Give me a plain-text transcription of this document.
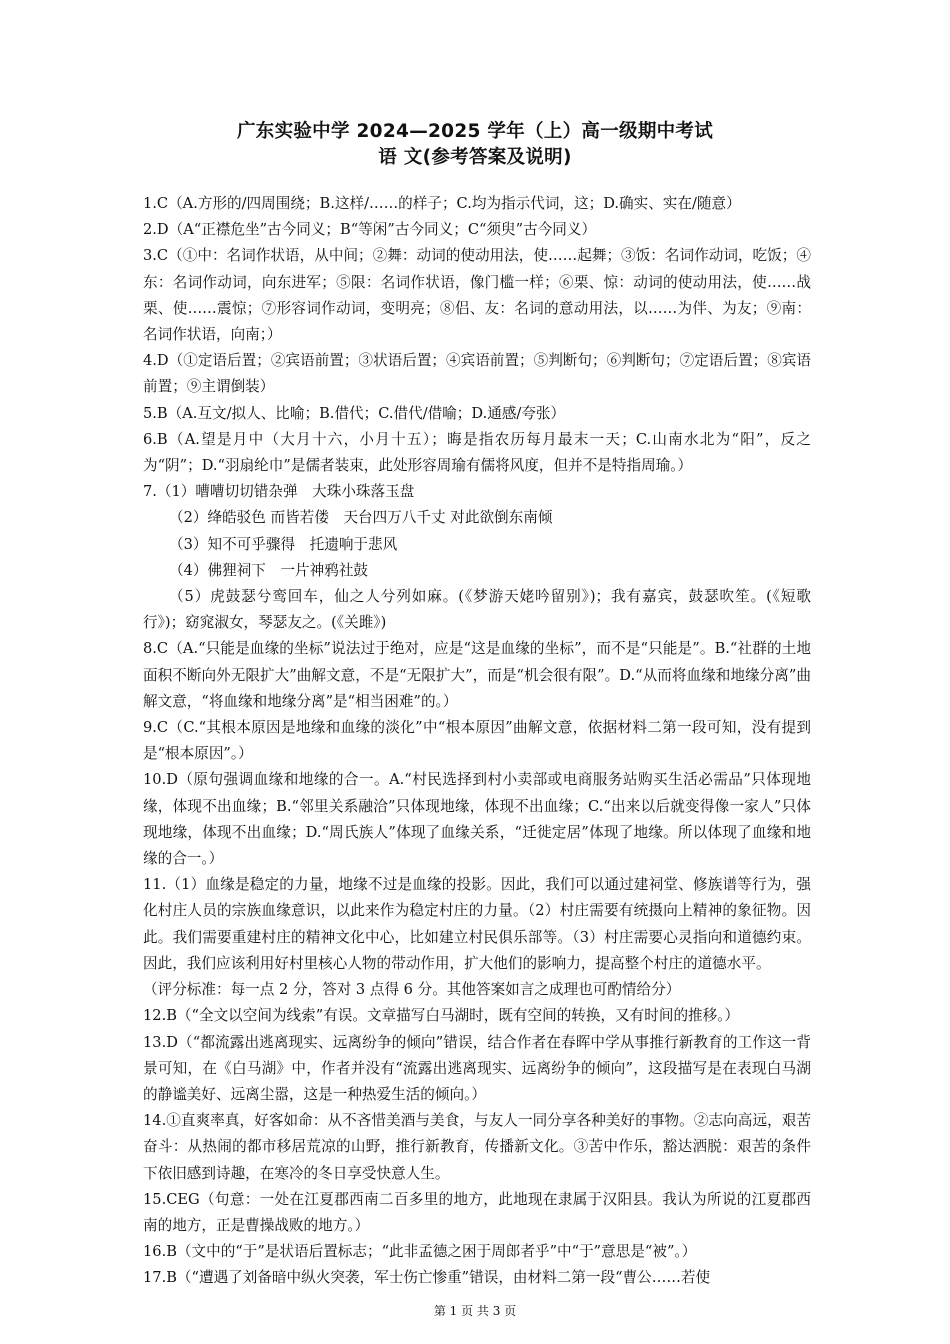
广东实验中学 2024—2025 学年（上）高一级期中考试
语 文(参考答案及说明)

1.C（A.方形的/四周围绕；B.这样/……的样子；C.均为指示代词，这；D.确实、实在/随意）

2.D（A“正襟危坐”古今同义；B“等闲”古今同义；C“须臾”古今同义）

3.C（①中：名词作状语，从中间；②舞：动词的使动用法，使……起舞；③饭：名词作动词，吃饭；④东：名词作动词，向东进军；⑤限：名词作状语，像门槛一样；⑥栗、惊：动词的使动用法，使……战栗、使……震惊；⑦形容词作动词，变明亮；⑧侣、友：名词的意动用法，以……为伴、为友；⑨南：名词作状语，向南；）

4.D（①定语后置；②宾语前置；③状语后置；④宾语前置；⑤判断句；⑥判断句；⑦定语后置；⑧宾语前置；⑨主谓倒装）

5.B（A.互文/拟人、比喻；B.借代；C.借代/借喻；D.通感/夸张）

6.B（A.望是月中（大月十六，小月十五）；晦是指农历每月最末一天；C.山南水北为“阳”，反之为“阴”；D.“羽扇纶巾”是儒者装束，此处形容周瑜有儒将风度，但并不是特指周瑜。）

7.（1）嘈嘈切切错杂弹　大珠小珠落玉盘

（2）绛皓驳色 而皆若偻　天台四万八千丈 对此欲倒东南倾

（3）知不可乎骤得　托遗响于悲风

（4）佛狸祠下　一片神鸦社鼓

（5）虎鼓瑟兮鸾回车，仙之人兮列如麻。(《梦游天姥吟留别》)；我有嘉宾，鼓瑟吹笙。(《短歌行》)；窈窕淑女，琴瑟友之。(《关雎》)

8.C（A.“只能是血缘的坐标”说法过于绝对，应是“这是血缘的坐标”，而不是“只能是”。B.“社群的土地面积不断向外无限扩大”曲解文意，不是“无限扩大”，而是“机会很有限”。D.“从而将血缘和地缘分离”曲解文意，“将血缘和地缘分离”是“相当困难”的。）

9.C（C.“其根本原因是地缘和血缘的淡化”中“根本原因”曲解文意，依据材料二第一段可知，没有提到是“根本原因”。）

10.D（原句强调血缘和地缘的合一。A.“村民选择到村小卖部或电商服务站购买生活必需品”只体现地缘，体现不出血缘；B.“邻里关系融洽”只体现地缘，体现不出血缘；C.“出来以后就变得像一家人”只体现地缘，体现不出血缘；D.“周氏族人”体现了血缘关系，“迁徙定居”体现了地缘。所以体现了血缘和地缘的合一。）

11.（1）血缘是稳定的力量，地缘不过是血缘的投影。因此，我们可以通过建祠堂、修族谱等行为，强化村庄人员的宗族血缘意识，以此来作为稳定村庄的力量。（2）村庄需要有统摄向上精神的象征物。因此。我们需要重建村庄的精神文化中心，比如建立村民俱乐部等。（3）村庄需要心灵指向和道德约束。因此，我们应该利用好村里核心人物的带动作用，扩大他们的影响力，提高整个村庄的道德水平。

（评分标准：每一点 2 分，答对 3 点得 6 分。其他答案如言之成理也可酌情给分）

12.B（“全文以空间为线索”有误。文章描写白马湖时，既有空间的转换，又有时间的推移。）

13.D（“都流露出逃离现实、远离纷争的倾向”错误，结合作者在春晖中学从事推行新教育的工作这一背景可知，在《白马湖》中，作者并没有“流露出逃离现实、远离纷争的倾向”，这段描写是在表现白马湖的静谧美好、远离尘嚣，这是一种热爱生活的倾向。）

14.①直爽率真，好客如命：从不吝惜美酒与美食，与友人一同分享各种美好的事物。②志向高远，艰苦奋斗：从热闹的都市移居荒凉的山野，推行新教育，传播新文化。③苦中作乐，豁达洒脱：艰苦的条件下依旧感到诗趣，在寒冷的冬日享受快意人生。

15.CEG（句意：一处在江夏郡西南二百多里的地方，此地现在隶属于汉阳县。我认为所说的江夏郡西南的地方，正是曹操战败的地方。）

16.B（文中的“于”是状语后置标志；“此非孟德之困于周郎者乎”中“于”意思是“被”。）

17.B（“遭遇了刘备暗中纵火突袭，军士伤亡惨重”错误，由材料二第一段“曹公……若使

第 1 页 共 3 页
